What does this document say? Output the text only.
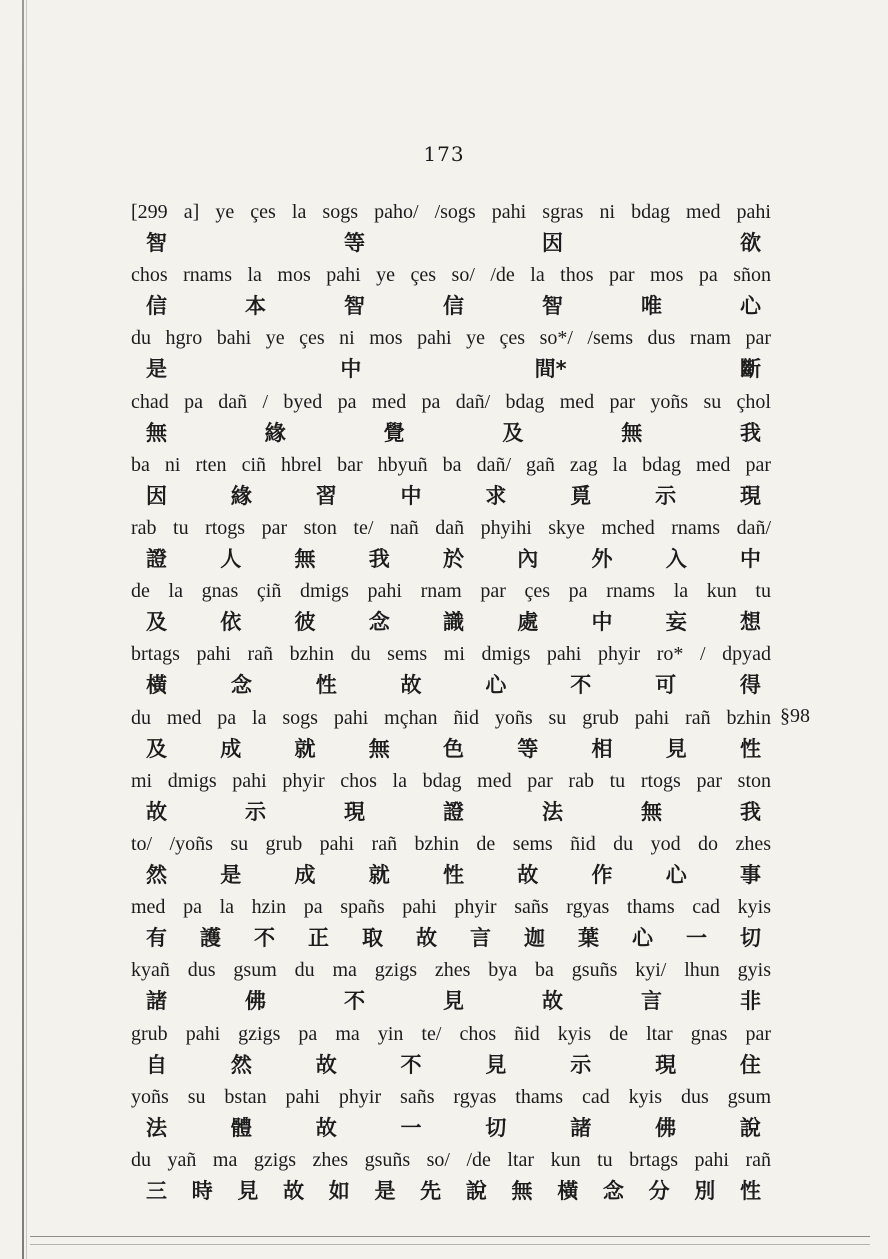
173
[299 a] ye çes la sogs paho/ /sogs pahi sgras ni bdag med pahi
智	等	因	欲
chos rnams la mos pahi ye çes so/ /de la thos par mos pa sñon
信	本	智	信	智	唯	心
du hgro bahi ye çes ni mos pahi ye çes so*/ /sems dus rnam par
是	中	間*	斷
chad pa dañ / byed pa med pa dañ/ bdag med par yoñs su çhol
無	緣	覺	及	無	我
ba ni rten ciñ hbrel bar hbyuñ ba dañ/ gañ zag la bdag med par
因	緣	習	中	求	覓	示	現
rab tu rtogs par ston te/ nañ dañ phyihi skye mched rnams dañ/
證	人	無	我	於	內	外	入	中
de la gnas çiñ dmigs pahi rnam par çes pa rnams la kun tu
及	依	彼	念	識	處	中	妄	想
brtags pahi rañ bzhin du sems mi dmigs pahi phyir ro* / dpyad
橫	念	性	故	心	不	可	得
du med pa la sogs pahi mçhan ñid yoñs su grub pahi rañ bzhin
及	成	就	無	色	等	相	見	性
mi dmigs pahi phyir chos la bdag med par rab tu rtogs par ston
故	示	現	證	法	無	我
to/ /yoñs su grub pahi rañ bzhin de sems ñid du yod do zhes
然	是	成	就	性	故	作	心	事
med pa la hzin pa spañs pahi phyir sañs rgyas thams cad kyis
有 護 不 正 取 故 言 迦 葉 心 一 切
kyañ dus gsum du ma gzigs zhes bya ba gsuñs kyi/ lhun gyis
諸	佛	不	見	故	言	非
grub pahi gzigs pa ma yin te/ chos ñid kyis de ltar gnas par
自	然	故	不	見	示	現	住
yoñs su bstan pahi phyir sañs rgyas thams cad kyis dus gsum
法	體	故	一	切	諸	佛	說
du yañ ma gzigs zhes gsuñs so/ /de ltar kun tu brtags pahi rañ
三 時 見 故 如 是 先 說 無 橫 念 分 別 性
§98
